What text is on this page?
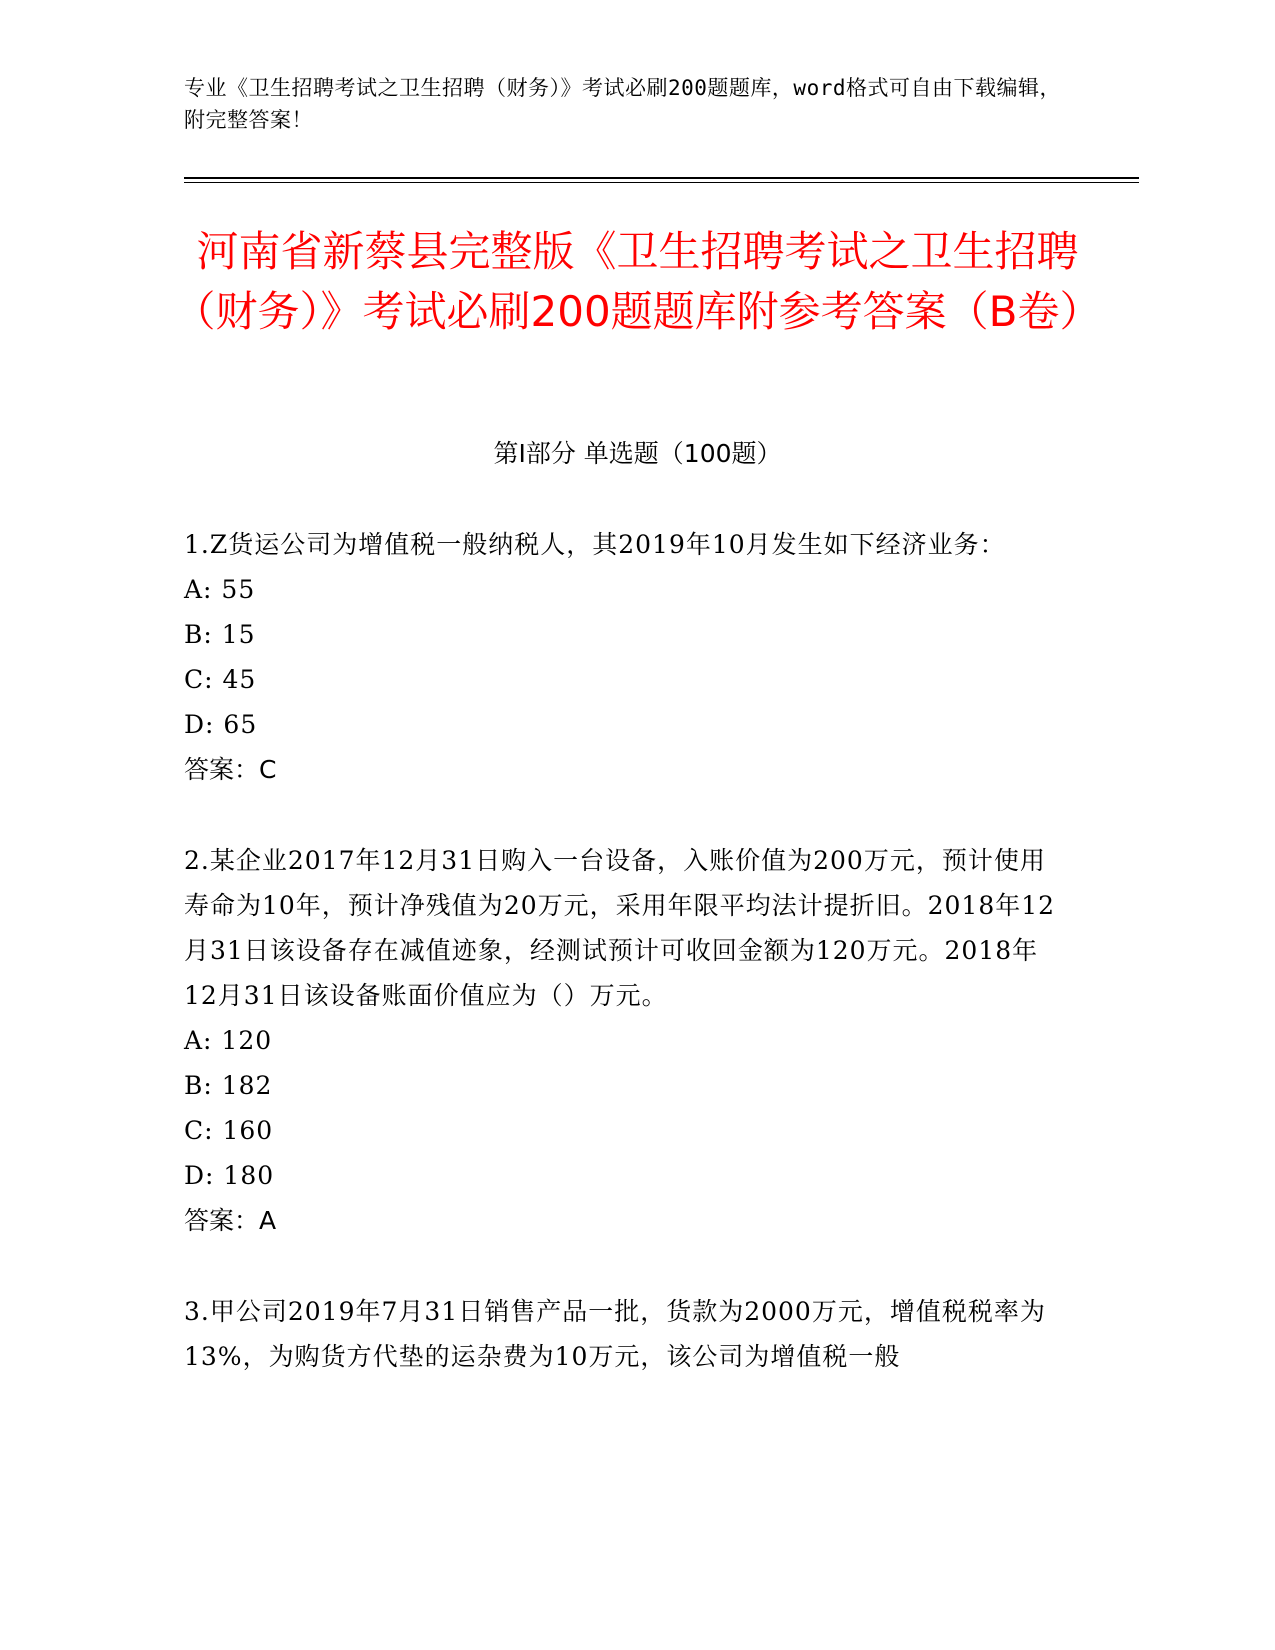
专业《卫生招聘考试之卫生招聘（财务）》考试必刷200题题库，word格式可自由下载编辑，附完整答案！
河南省新蔡县完整版《卫生招聘考试之卫生招聘（财务）》考试必刷200题题库附参考答案（B卷）
第I部分 单选题（100题）

1.Z货运公司为增值税一般纳税人，其2019年10月发生如下经济业务：

A: 55
B: 15
C: 45
D: 65

答案：C

2.某企业2017年12月31日购入一台设备，入账价值为200万元，预计使用寿命为10年，预计净残值为20万元，采用年限平均法计提折旧。2018年12月31日该设备存在减值迹象，经测试预计可收回金额为120万元。2018年12月31日该设备账面价值应为（）万元。

A: 120
B: 182
C: 160
D: 180

答案：A

3.甲公司2019年7月31日销售产品一批，货款为2000万元，增值税税率为13%，为购货方代垫的运杂费为10万元，该公司为增值税一般
